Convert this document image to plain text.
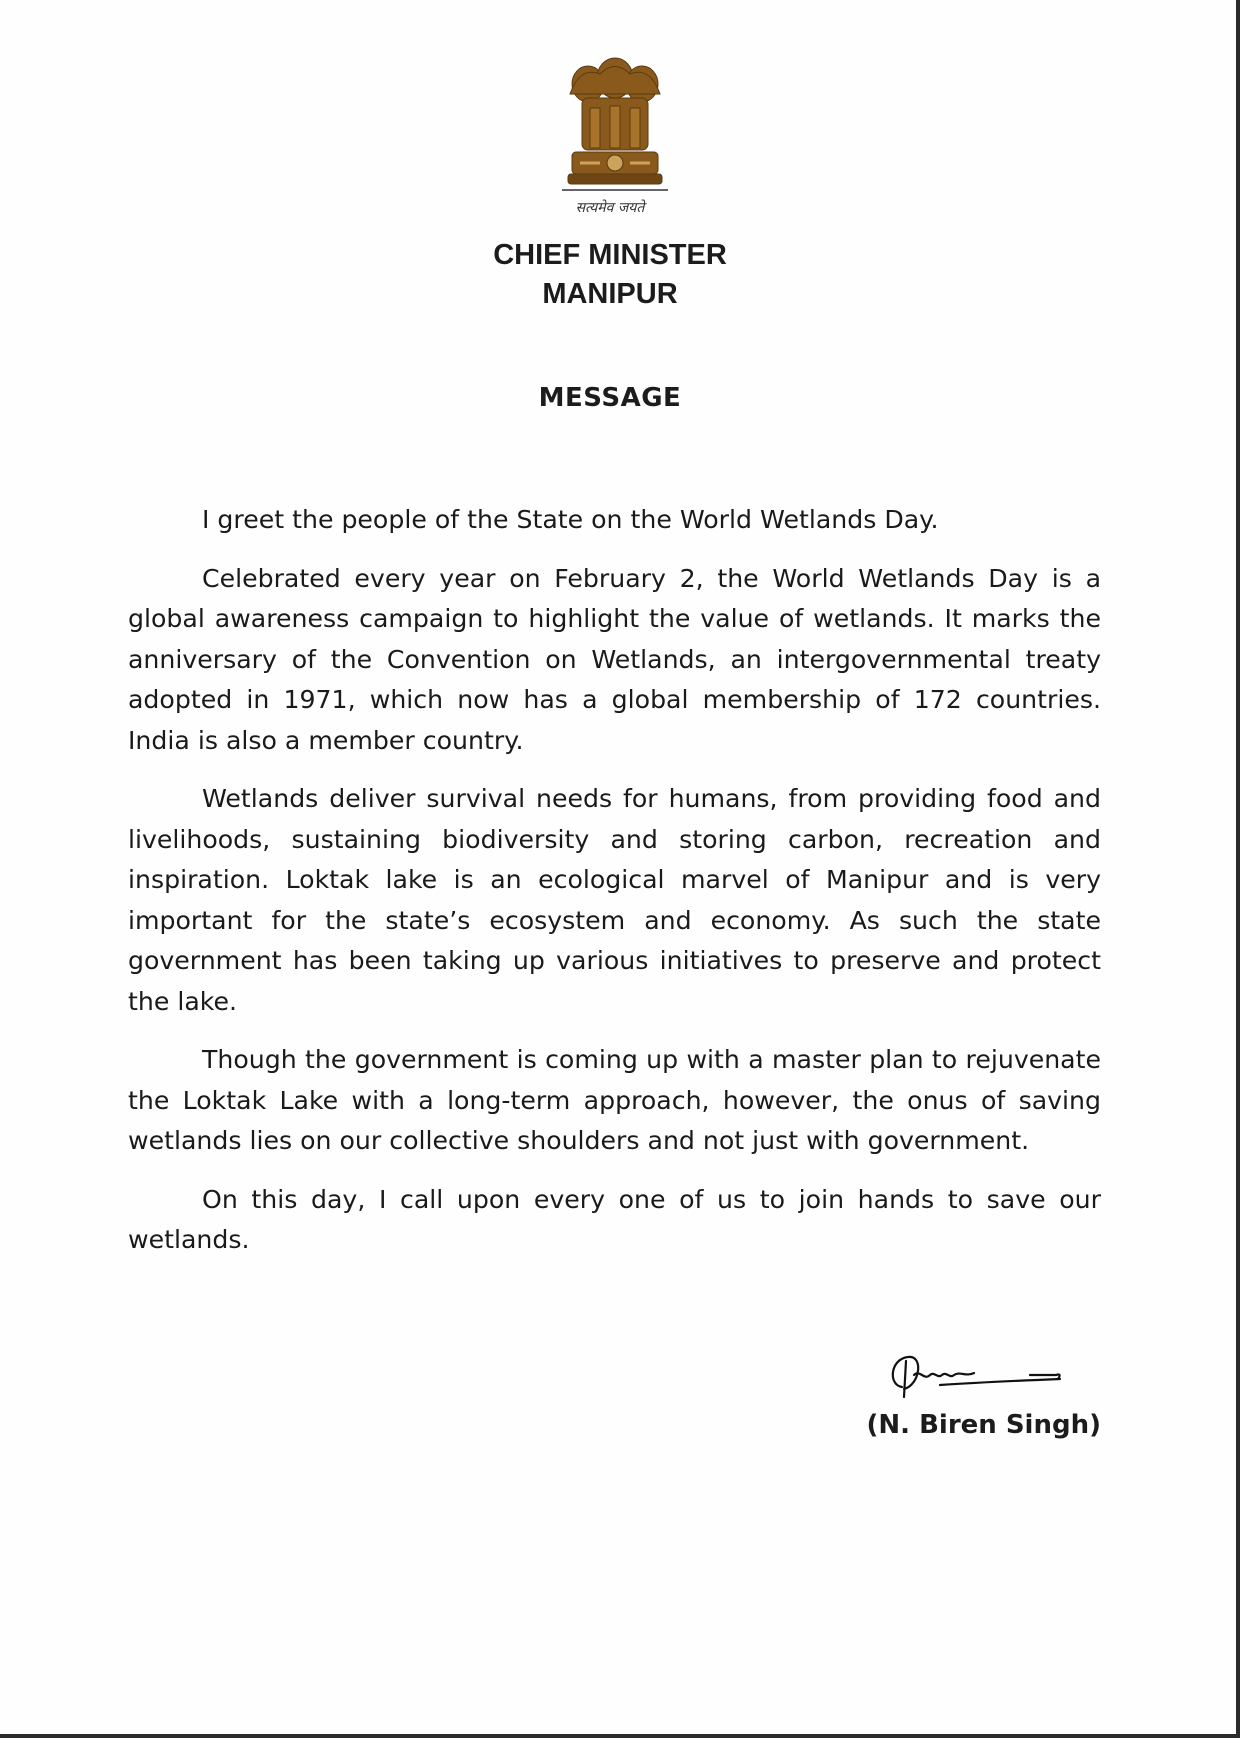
सत्यमेव जयते
CHIEF MINISTER
MANIPUR
MESSAGE

I greet the people of the State on the World Wetlands Day.

Celebrated every year on February 2, the World Wetlands Day is a global awareness campaign to highlight the value of wetlands. It marks the anniversary of the Convention on Wetlands, an intergovernmental treaty adopted in 1971, which now has a global membership of 172 countries. India is also a member country.

Wetlands deliver survival needs for humans, from providing food and livelihoods, sustaining biodiversity and storing carbon, recreation and inspiration. Loktak lake is an ecological marvel of Manipur and is very important for the state’s ecosystem and economy. As such the state government has been taking up various initiatives to preserve and protect the lake.

Though the government is coming up with a master plan to rejuvenate the Loktak Lake with a long-term approach, however, the onus of saving wetlands lies on our collective shoulders and not just with government.

On this day, I call upon every one of us to join hands to save our wetlands.

(N. Biren Singh)
